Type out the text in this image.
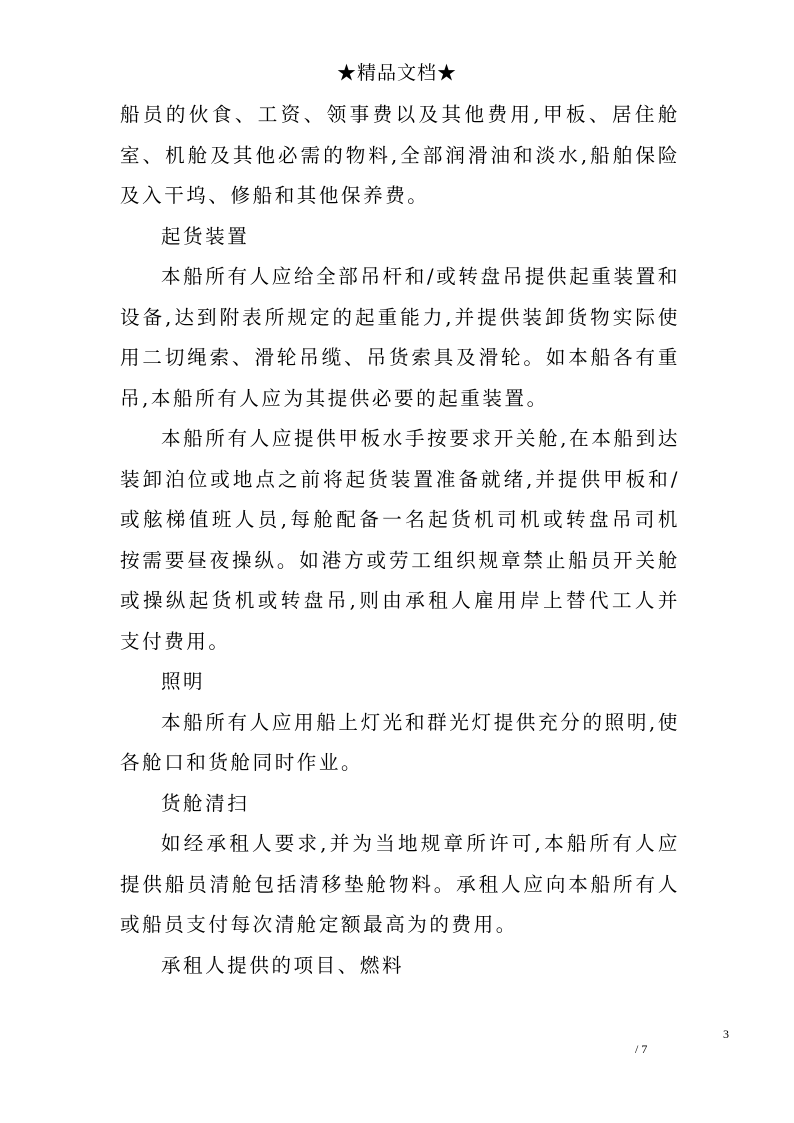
★精品文档★

船员的伙食、工资、领事费以及其他费用,甲板、居住舱室、机舱及其他必需的物料,全部润滑油和淡水,船舶保险及入干坞、修船和其他保养费。

起货装置

本船所有人应给全部吊杆和/或转盘吊提供起重装置和设备,达到附表所规定的起重能力,并提供装卸货物实际使用二切绳索、滑轮吊缆、吊货索具及滑轮。如本船各有重吊,本船所有人应为其提供必要的起重装置。

本船所有人应提供甲板水手按要求开关舱,在本船到达装卸泊位或地点之前将起货装置准备就绪,并提供甲板和/或舷梯值班人员,每舱配备一名起货机司机或转盘吊司机按需要昼夜操纵。如港方或劳工组织规章禁止船员开关舱或操纵起货机或转盘吊,则由承租人雇用岸上替代工人并支付费用。

照明

本船所有人应用船上灯光和群光灯提供充分的照明,使各舱口和货舱同时作业。

货舱清扫

如经承租人要求,并为当地规章所许可,本船所有人应提供船员清舱包括清移垫舱物料。承租人应向本船所有人或船员支付每次清舱定额最高为的费用。

承租人提供的项目、燃料

3
/ 7
